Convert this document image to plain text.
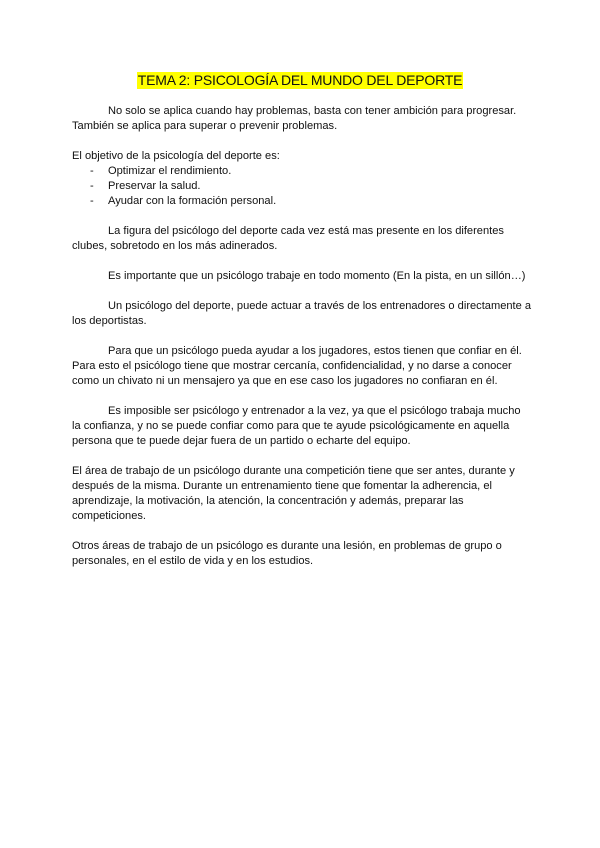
TEMA 2: PSICOLOGÍA DEL MUNDO DEL DEPORTE

No solo se aplica cuando hay problemas, basta con tener ambición para progresar. También se aplica para superar o prevenir problemas.

El objetivo de la psicología del deporte es:

- Optimizar el rendimiento.
- Preservar la salud.
- Ayudar con la formación personal.

La figura del psicólogo del deporte cada vez está mas presente en los diferentes clubes, sobretodo en los más adinerados.

Es importante que un psicólogo trabaje en todo momento (En la pista, en un sillón…)

Un psicólogo del deporte, puede actuar a través de los entrenadores o directamente a los deportistas.

Para que un psicólogo pueda ayudar a los jugadores, estos tienen que confiar en él. Para esto el psicólogo tiene que mostrar cercanía, confidencialidad, y no darse a conocer como un chivato ni un mensajero ya que en ese caso los jugadores no confiaran en él.

Es imposible ser psicólogo y entrenador a la vez, ya que el psicólogo trabaja mucho la confianza, y no se puede confiar como para que te ayude psicológicamente en aquella persona que te puede dejar fuera de un partido o echarte del equipo.

El área de trabajo de un psicólogo durante una competición tiene que ser antes, durante y después de la misma. Durante un entrenamiento tiene que fomentar la adherencia, el aprendizaje, la motivación, la atención, la concentración y además, preparar las competiciones.

Otros áreas de trabajo de un psicólogo es durante una lesión, en problemas de grupo o personales, en el estilo de vida y en los estudios.
